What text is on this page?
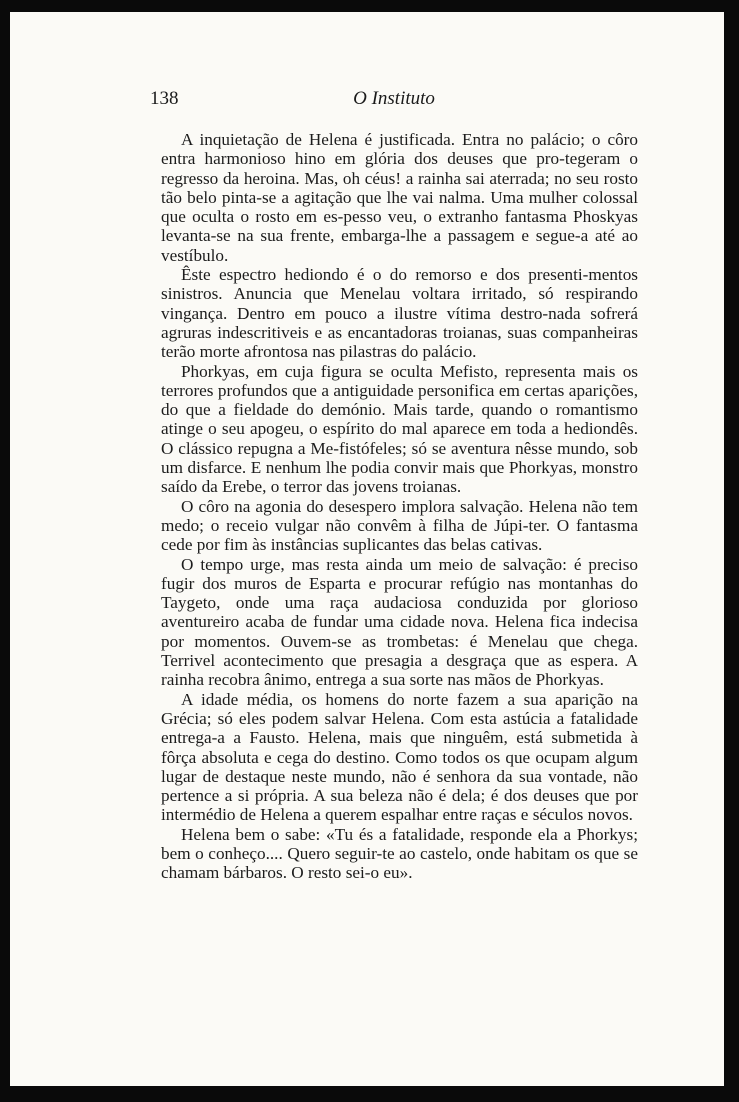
138	O Instituto

A inquietação de Helena é justificada. Entra no palácio; o côro entra harmonioso hino em glória dos deuses que pro-tegeram o regresso da heroina. Mas, oh céus! a rainha sai aterrada; no seu rosto tão belo pinta-se a agitação que lhe vai nalma. Uma mulher colossal que oculta o rosto em es-pesso veu, o extranho fantasma Phoskyas levanta-se na sua frente, embarga-lhe a passagem e segue-a até ao vestíbulo.

Êste espectro hediondo é o do remorso e dos presenti-mentos sinistros. Anuncia que Menelau voltara irritado, só respirando vingança. Dentro em pouco a ilustre vítima destro-nada sofrerá agruras indescritiveis e as encantadoras troianas, suas companheiras terão morte afrontosa nas pilastras do palácio.

Phorkyas, em cuja figura se oculta Mefisto, representa mais os terrores profundos que a antiguidade personifica em certas aparições, do que a fieldade do demónio. Mais tarde, quando o romantismo atinge o seu apogeu, o espírito do mal aparece em toda a hediondês. O clássico repugna a Me-fistófeles; só se aventura nêsse mundo, sob um disfarce. E nenhum lhe podia convir mais que Phorkyas, monstro saído da Erebe, o terror das jovens troianas.

O côro na agonia do desespero implora salvação. Helena não tem medo; o receio vulgar não convêm à filha de Júpi-ter. O fantasma cede por fim às instâncias suplicantes das belas cativas.

O tempo urge, mas resta ainda um meio de salvação: é preciso fugir dos muros de Esparta e procurar refúgio nas montanhas do Taygeto, onde uma raça audaciosa conduzida por glorioso aventureiro acaba de fundar uma cidade nova. Helena fica indecisa por momentos. Ouvem-se as trombetas: é Menelau que chega. Terrivel acontecimento que presagia a desgraça que as espera. A rainha recobra ânimo, entrega a sua sorte nas mãos de Phorkyas.

A idade média, os homens do norte fazem a sua aparição na Grécia; só eles podem salvar Helena. Com esta astúcia a fatalidade entrega-a a Fausto. Helena, mais que ninguêm, está submetida à fôrça absoluta e cega do destino. Como todos os que ocupam algum lugar de destaque neste mundo, não é senhora da sua vontade, não pertence a si própria. A sua beleza não é dela; é dos deuses que por intermédio de Helena a querem espalhar entre raças e séculos novos.

Helena bem o sabe: «Tu és a fatalidade, responde ela a Phorkys; bem o conheço.... Quero seguir-te ao castelo, onde habitam os que se chamam bárbaros. O resto sei-o eu».
